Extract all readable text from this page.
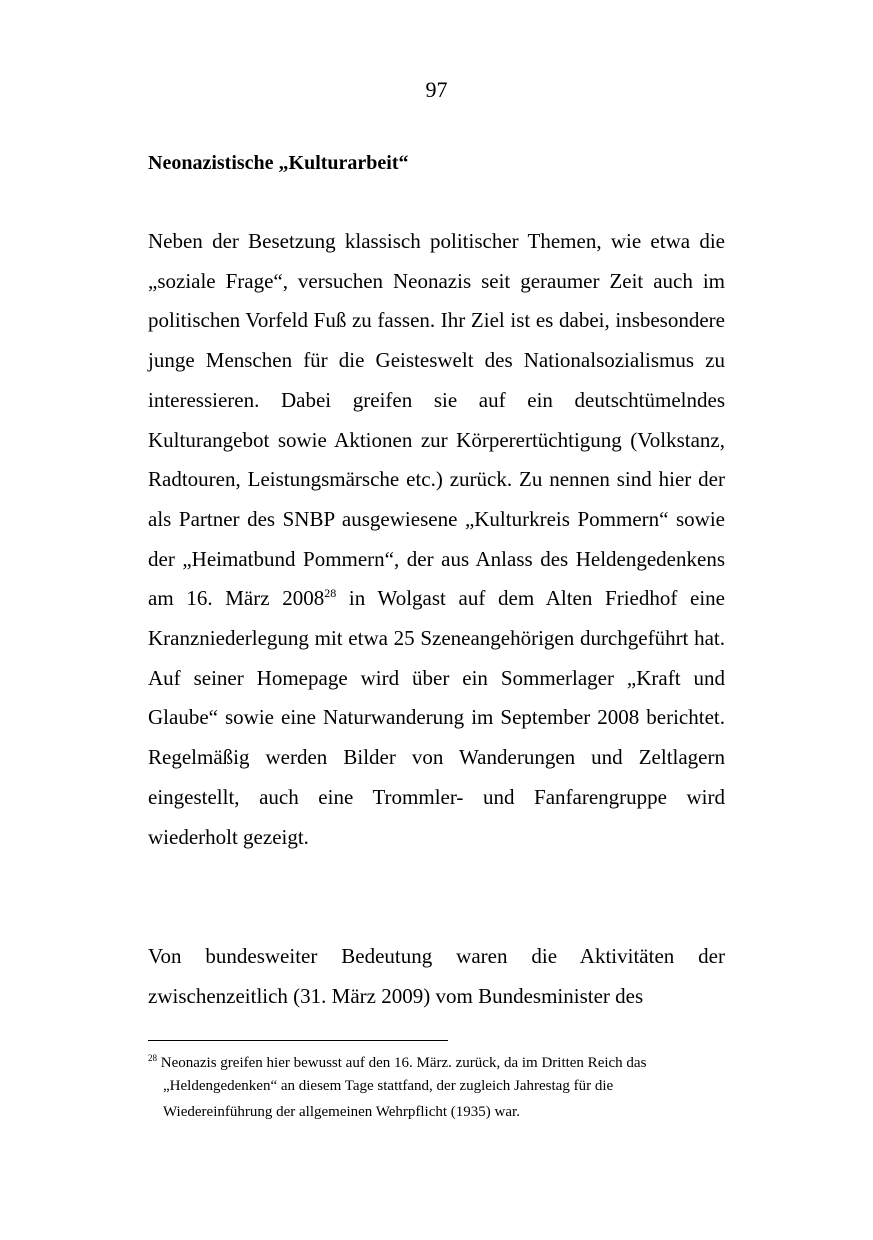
97
Neonazistische „Kulturarbeit“

Neben der Besetzung klassisch politischer Themen, wie etwa die „soziale Frage“, versuchen Neonazis seit geraumer Zeit auch im politischen Vorfeld Fuß zu fassen. Ihr Ziel ist es dabei, insbesondere junge Menschen für die Geisteswelt des Nationalsozialismus zu interessieren. Dabei greifen sie auf ein deutschtümelndes Kulturangebot sowie Aktionen zur Körperertüchtigung (Volkstanz, Radtouren, Leistungsmärsche etc.) zurück. Zu nennen sind hier der als Partner des SNBP ausgewiesene „Kulturkreis Pommern“ sowie der „Heimatbund Pommern“, der aus Anlass des Heldengedenkens am 16. März 2008$^{28}$ in Wolgast auf dem Alten Friedhof eine Kranzniederlegung mit etwa 25 Szeneangehörigen durchgeführt hat. Auf seiner Homepage wird über ein Sommerlager „Kraft und Glaube“ sowie eine Naturwanderung im September 2008 berichtet. Regelmäßig werden Bilder von Wanderungen und Zeltlagern eingestellt, auch eine Trommler- und Fanfarengruppe wird wiederholt gezeigt.

Von bundesweiter Bedeutung waren die Aktivitäten der zwischenzeitlich (31. März 2009) vom Bundesminister des

$^{28}$ Neonazis greifen hier bewusst auf den 16. März. zurück, da im Dritten Reich das
„Heldengedenken“ an diesem Tage stattfand, der zugleich Jahrestag für die
Wiedereinführung der allgemeinen Wehrpflicht (1935) war.
